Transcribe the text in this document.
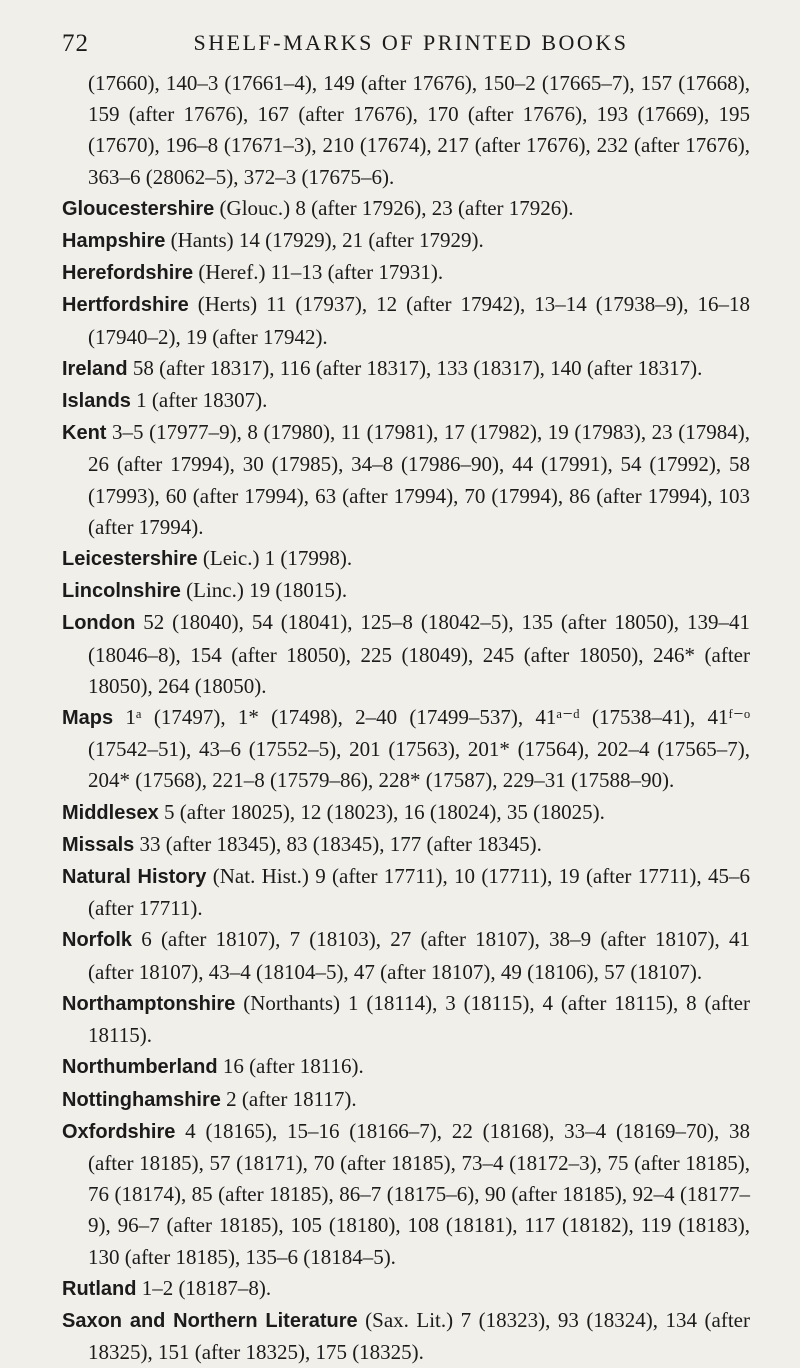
72	SHELF-MARKS OF PRINTED BOOKS

(17660), 140–3 (17661–4), 149 (after 17676), 150–2 (17665–7), 157 (17668), 159 (after 17676), 167 (after 17676), 170 (after 17676), 193 (17669), 195 (17670), 196–8 (17671–3), 210 (17674), 217 (after 17676), 232 (after 17676), 363–6 (28062–5), 372–3 (17675–6).

Gloucestershire (Glouc.) 8 (after 17926), 23 (after 17926).

Hampshire (Hants) 14 (17929), 21 (after 17929).

Herefordshire (Heref.) 11–13 (after 17931).

Hertfordshire (Herts) 11 (17937), 12 (after 17942), 13–14 (17938–9), 16–18 (17940–2), 19 (after 17942).

Ireland 58 (after 18317), 116 (after 18317), 133 (18317), 140 (after 18317).

Islands 1 (after 18307).

Kent 3–5 (17977–9), 8 (17980), 11 (17981), 17 (17982), 19 (17983), 23 (17984), 26 (after 17994), 30 (17985), 34–8 (17986–90), 44 (17991), 54 (17992), 58 (17993), 60 (after 17994), 63 (after 17994), 70 (17994), 86 (after 17994), 103 (after 17994).

Leicestershire (Leic.) 1 (17998).

Lincolnshire (Linc.) 19 (18015).

London 52 (18040), 54 (18041), 125–8 (18042–5), 135 (after 18050), 139–41 (18046–8), 154 (after 18050), 225 (18049), 245 (after 18050), 246* (after 18050), 264 (18050).

Maps 1ᵃ (17497), 1* (17498), 2–40 (17499–537), 41ᵃ⁻ᵈ (17538–41), 41ᶠ⁻ᵒ (17542–51), 43–6 (17552–5), 201 (17563), 201* (17564), 202–4 (17565–7), 204* (17568), 221–8 (17579–86), 228* (17587), 229–31 (17588–90).

Middlesex 5 (after 18025), 12 (18023), 16 (18024), 35 (18025).

Missals 33 (after 18345), 83 (18345), 177 (after 18345).

Natural History (Nat. Hist.) 9 (after 17711), 10 (17711), 19 (after 17711), 45–6 (after 17711).

Norfolk 6 (after 18107), 7 (18103), 27 (after 18107), 38–9 (after 18107), 41 (after 18107), 43–4 (18104–5), 47 (after 18107), 49 (18106), 57 (18107).

Northamptonshire (Northants) 1 (18114), 3 (18115), 4 (after 18115), 8 (after 18115).

Northumberland 16 (after 18116).

Nottinghamshire 2 (after 18117).

Oxfordshire 4 (18165), 15–16 (18166–7), 22 (18168), 33–4 (18169–70), 38 (after 18185), 57 (18171), 70 (after 18185), 73–4 (18172–3), 75 (after 18185), 76 (18174), 85 (after 18185), 86–7 (18175–6), 90 (after 18185), 92–4 (18177–9), 96–7 (after 18185), 105 (18180), 108 (18181), 117 (18182), 119 (18183), 130 (after 18185), 135–6 (18184–5).

Rutland 1–2 (18187–8).

Saxon and Northern Literature (Sax. Lit.) 7 (18323), 93 (18324), 134 (after 18325), 151 (after 18325), 175 (18325).
